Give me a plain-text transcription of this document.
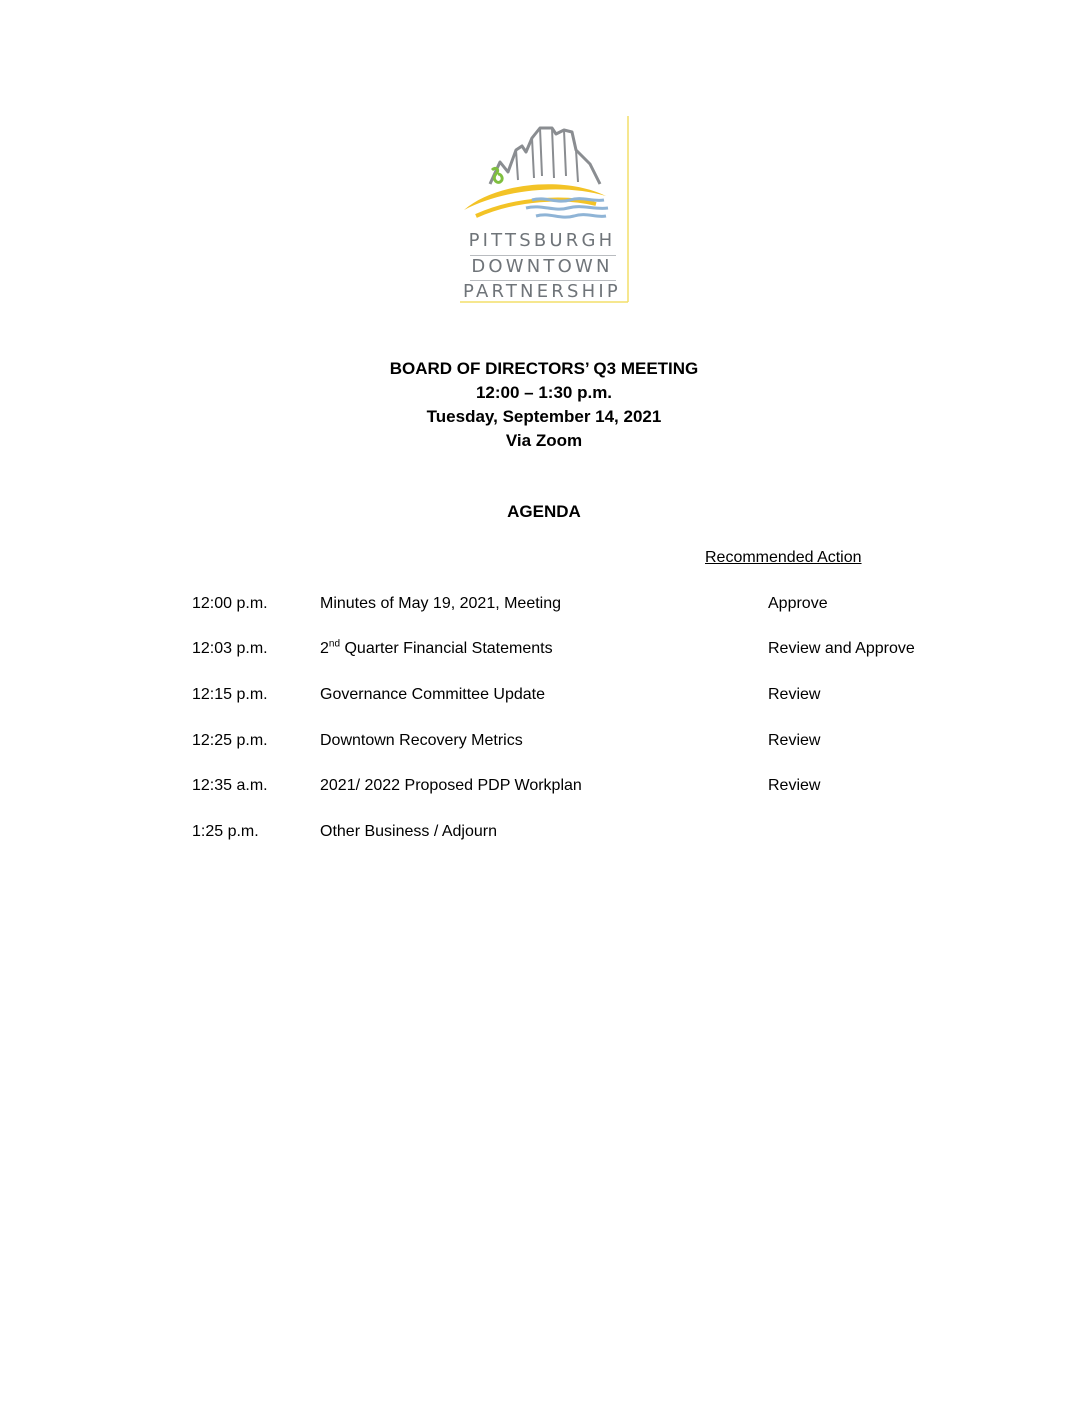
PITTSBURGH
DOWNTOWN
PARTNERSHIP
BOARD OF DIRECTORS’ Q3 MEETING
12:00 – 1:30 p.m.
Tuesday, September 14, 2021
Via Zoom
AGENDA
Recommended Action
12:00 p.m.	Minutes of May 19, 2021, Meeting	Approve
12:03 p.m.	2nd Quarter Financial Statements	Review and Approve
12:15 p.m.	Governance Committee Update	Review
12:25 p.m.	Downtown Recovery Metrics	Review
12:35 a.m.	2021/ 2022 Proposed PDP Workplan	Review
1:25 p.m.	Other Business / Adjourn
